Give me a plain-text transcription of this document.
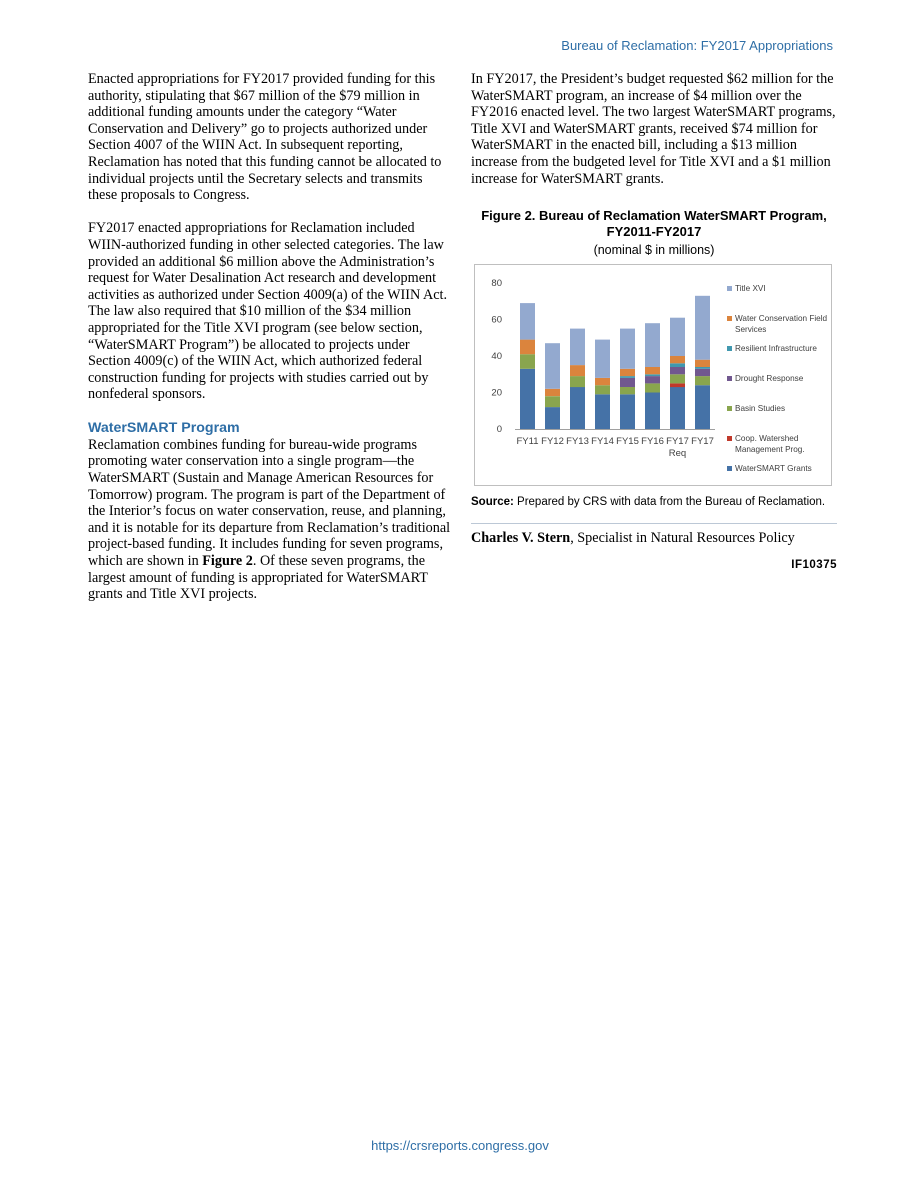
Bureau of Reclamation: FY2017 Appropriations

Enacted appropriations for FY2017 provided funding for this authority, stipulating that $67 million of the $79 million in additional funding amounts under the category “Water Conservation and Delivery” go to projects authorized under Section 4007 of the WIIN Act. In subsequent reporting, Reclamation has noted that this funding cannot be allocated to individual projects until the Secretary selects and transmits these proposals to Congress.

FY2017 enacted appropriations for Reclamation included WIIN-authorized funding in other selected categories. The law provided an additional $6 million above the Administration’s request for Water Desalination Act research and development activities as authorized under Section 4009(a) of the WIIN Act. The law also required that $10 million of the $34 million appropriated for the Title XVI program (see below section, “WaterSMART Program”) be allocated to projects under Section 4009(c) of the WIIN Act, which authorized federal construction funding for projects with studies carried out by nonfederal sponsors.

WaterSMART Program

Reclamation combines funding for bureau-wide programs promoting water conservation into a single program—the WaterSMART (Sustain and Manage American Resources for Tomorrow) program. The program is part of the Department of the Interior’s focus on water conservation, reuse, and planning, and it is notable for its departure from Reclamation’s traditional project-based funding. It includes funding for seven programs, which are shown in Figure 2. Of these seven programs, the largest amount of funding is appropriated for WaterSMART grants and Title XVI projects.

In FY2017, the President’s budget requested $62 million for the WaterSMART program, an increase of $4 million over the FY2016 enacted level. The two largest WaterSMART programs, Title XVI and WaterSMART grants, received $74 million for WaterSMART in the enacted bill, including a $13 million increase from the budgeted level for Title XVI and a $1 million increase for WaterSMART grants.

Figure 2. Bureau of Reclamation WaterSMART Program, FY2011-FY2017
(nominal $ in millions)
0
20
40
60
80
FY11 FY12 FY13 FY14 FY15 FY16 FY17
Req
FY17
Title XVI
Water Conservation Field
Services
Resilient Infrastructure
Drought Response
Basin Studies
Coop. Watershed
Management Prog.
WaterSMART Grants
Source: Prepared by CRS with data from the Bureau of Reclamation.
Charles V. Stern, Specialist in Natural Resources Policy
IF10375
https://crsreports.congress.gov
